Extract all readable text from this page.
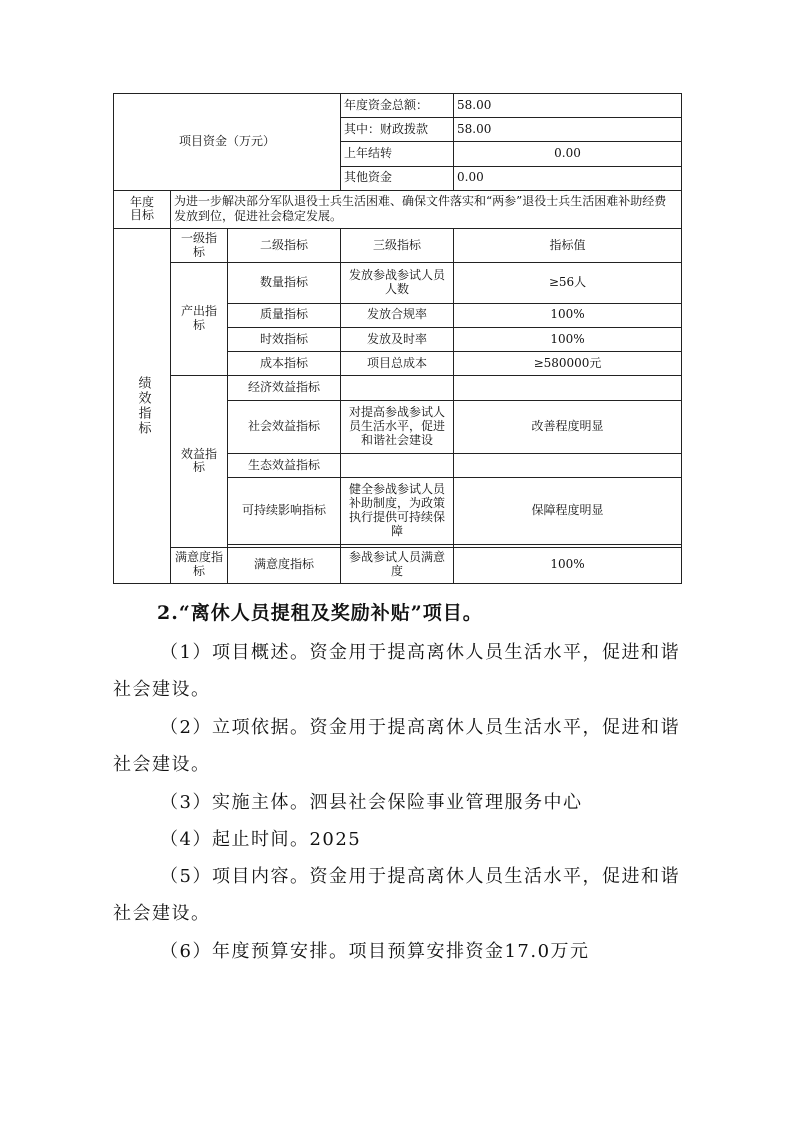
项目资金（万元）			年度资金总额：	58.00
			其中：财政拨款	58.00
			上年结转	0.00
			其他资金	0.00
年度目标	为进一步解决部分军队退役士兵生活困难、确保文件落实和“两参”退役士兵生活困难补助经费发放到位，促进社会稳定发展。			
绩效指标	一级指标	二级指标	三级指标	指标值
	产出指标	数量指标	发放参战参试人员人数	≥56人
		质量指标	发放合规率	100%
		时效指标	发放及时率	100%
		成本指标	项目总成本	≥580000元
	效益指标	经济效益指标		
		社会效益指标	对提高参战参试人员生活水平，促进和谐社会建设	改善程度明显
		生态效益指标		
		可持续影响指标	健全参战参试人员补助制度，为政策执行提供可持续保障	保障程度明显

	满意度指标	满意度指标	参战参试人员满意度	100%
2.“离休人员提租及奖励补贴”项目。

（1）项目概述。资金用于提高离休人员生活水平，促进和谐社会建设。

（2）立项依据。资金用于提高离休人员生活水平，促进和谐社会建设。

（3）实施主体。泗县社会保险事业管理服务中心

（4）起止时间。2025

（5）项目内容。资金用于提高离休人员生活水平，促进和谐社会建设。

（6）年度预算安排。项目预算安排资金17.0万元
